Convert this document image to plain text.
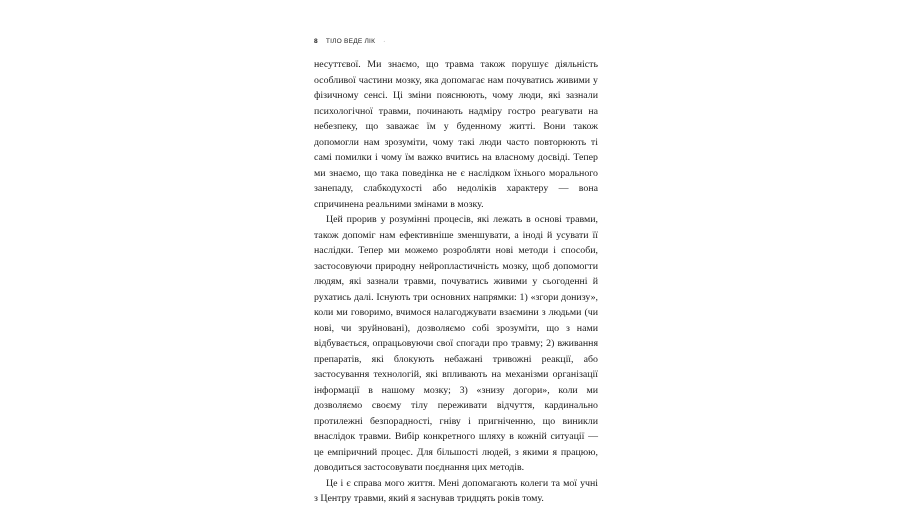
8 ТІЛО ВЕДЕ ЛІК ·

несуттєвої. Ми знаємо, що травма також порушує діяльність особливої частини мозку, яка допомагає нам почуватись живими у фізичному сенсі. Ці зміни пояснюють, чому люди, які зазнали психологічної травми, починають надміру гостро реагувати на небезпеку, що заважає їм у буденному житті. Вони також допомогли нам зрозуміти, чому такі люди часто повторюють ті самі помилки і чому їм важко вчитись на власному досвіді. Тепер ми знаємо, що така поведінка не є наслідком їхнього морального занепаду, слабкодухості або недоліків характеру — вона спричинена реальними змінами в мозку.

Цей прорив у розумінні процесів, які лежать в основі травми, також допоміг нам ефективніше зменшувати, а іноді й усувати її наслідки. Тепер ми можемо розробляти нові методи і способи, застосовуючи природну нейропластичність мозку, щоб допомогти людям, які зазнали травми, почуватись живими у сьогоденні й рухатись далі. Існують три основних напрямки: 1) «згори донизу», коли ми говоримо, вчимося налагоджувати взаємини з людьми (чи нові, чи зруйновані), дозволяємо собі зрозуміти, що з нами відбувається, опрацьовуючи свої спогади про травму; 2) вживання препаратів, які блокують небажані тривожні реакції, або застосування технологій, які впливають на механізми організації інформації в нашому мозку; 3) «знизу догори», коли ми дозволяємо своєму тілу переживати відчуття, кардинально протилежні безпорадності, гніву і пригніченню, що виникли внаслідок травми. Вибір конкретного шляху в кожній ситуації — це емпіричний процес. Для більшості людей, з якими я працюю, доводиться застосовувати поєднання цих методів.

Це і є справа мого життя. Мені допомагають колеги та мої учні з Центру травми, який я заснував тридцять років тому.
